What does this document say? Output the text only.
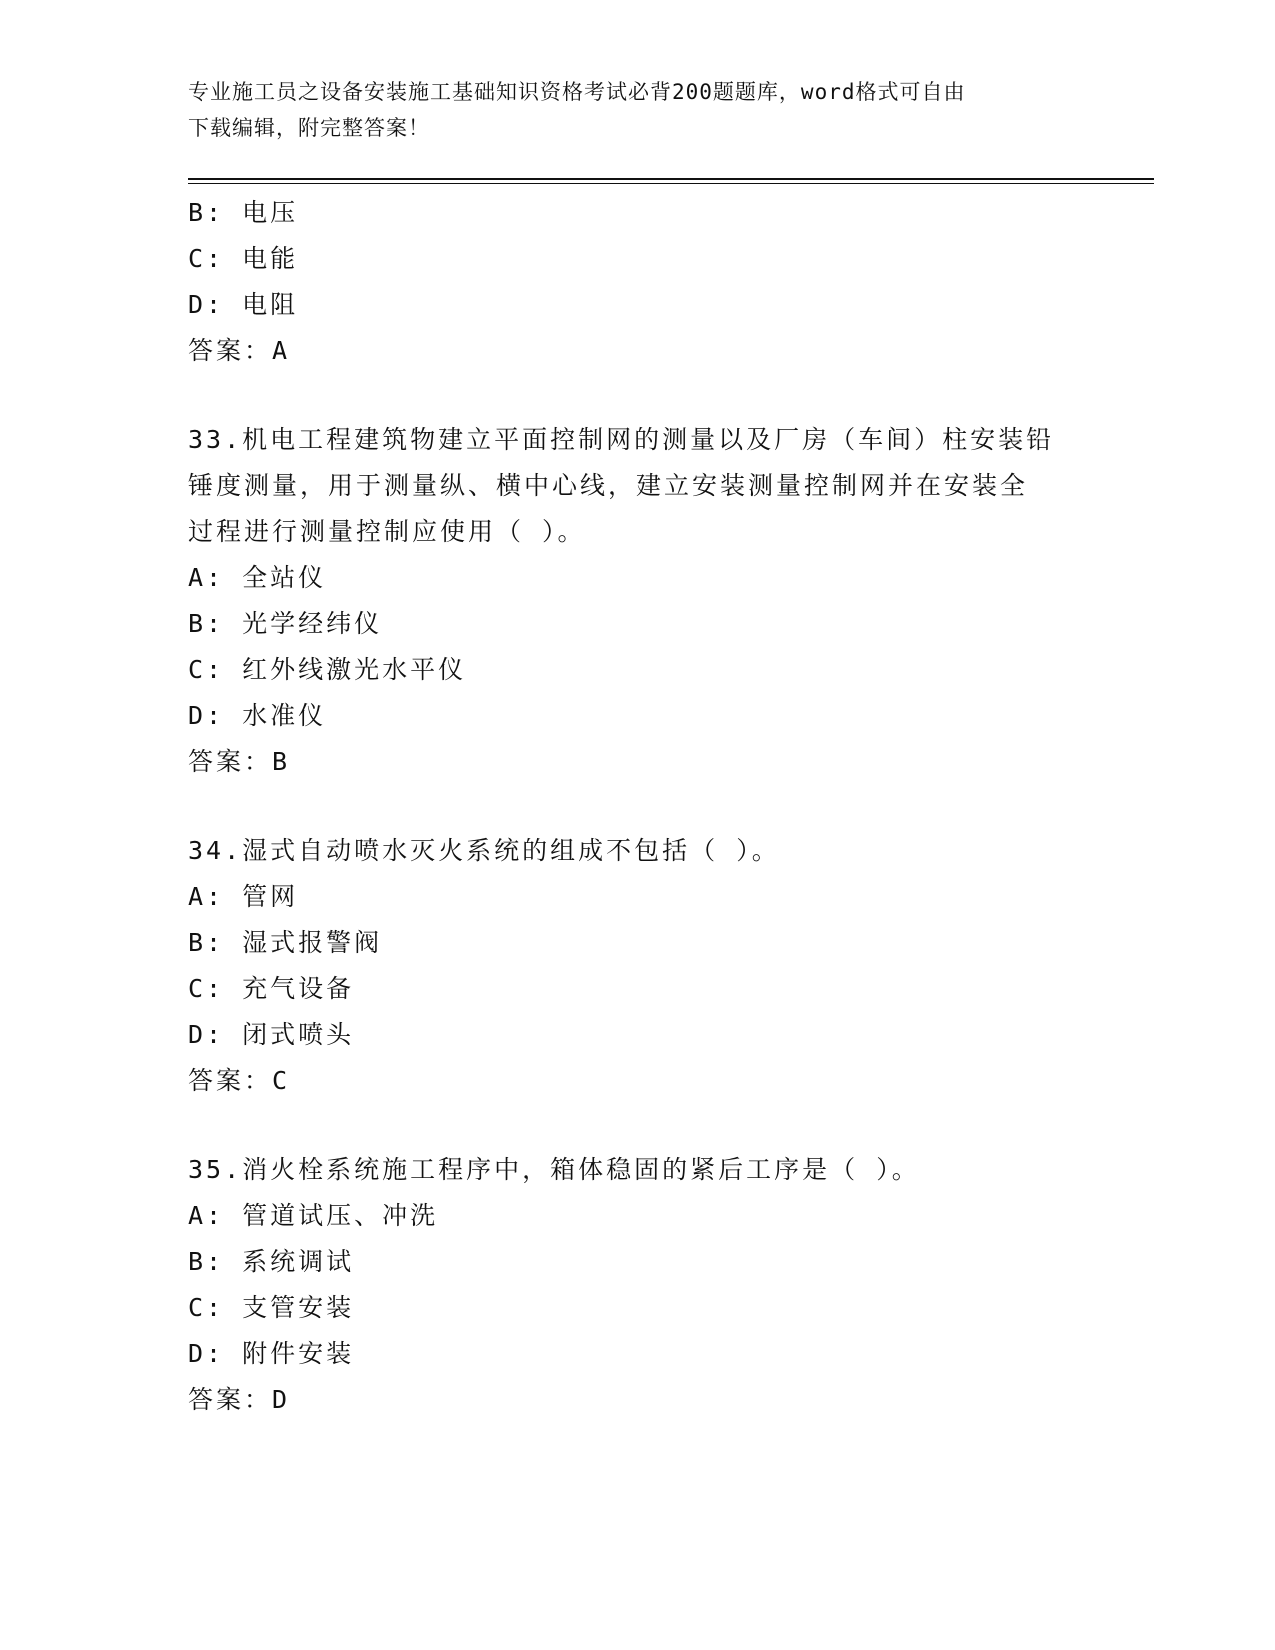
专业施工员之设备安装施工基础知识资格考试必背200题题库，word格式可自由
下载编辑，附完整答案！
B: 电压
C: 电能
D: 电阻
答案：A
33.机电工程建筑物建立平面控制网的测量以及厂房（车间）柱安装铅
锤度测量，用于测量纵、横中心线，建立安装测量控制网并在安装全
过程进行测量控制应使用（ ）。
A: 全站仪
B: 光学经纬仪
C: 红外线激光水平仪
D: 水准仪
答案：B
34.湿式自动喷水灭火系统的组成不包括（ ）。
A: 管网
B: 湿式报警阀
C: 充气设备
D: 闭式喷头
答案：C
35.消火栓系统施工程序中，箱体稳固的紧后工序是（ ）。
A: 管道试压、冲洗
B: 系统调试
C: 支管安装
D: 附件安装
答案：D
